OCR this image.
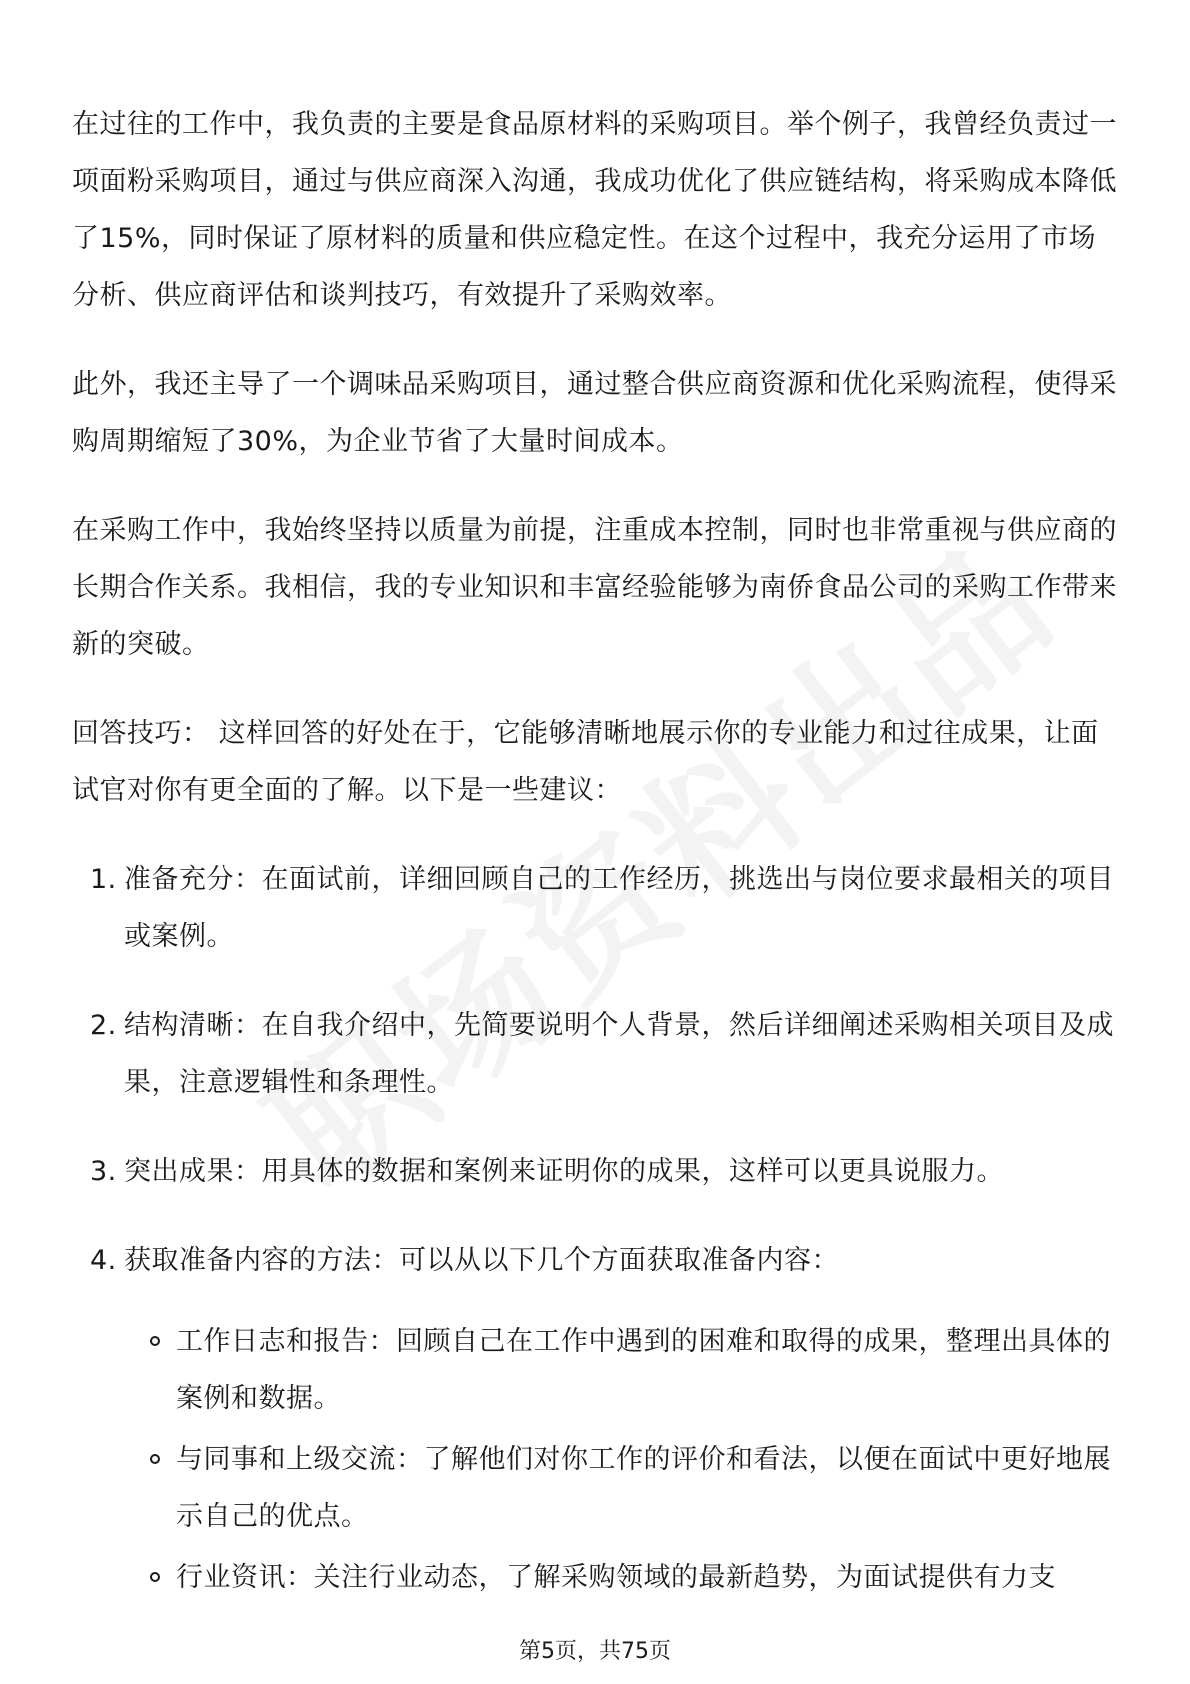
在过往的工作中，我负责的主要是食品原材料的采购项目。举个例子，我曾经负责过一项面粉采购项目，通过与供应商深入沟通，我成功优化了供应链结构，将采购成本降低了15%，同时保证了原材料的质量和供应稳定性。在这个过程中，我充分运用了市场分析、供应商评估和谈判技巧，有效提升了采购效率。

此外，我还主导了一个调味品采购项目，通过整合供应商资源和优化采购流程，使得采购周期缩短了30%，为企业节省了大量时间成本。

在采购工作中，我始终坚持以质量为前提，注重成本控制，同时也非常重视与供应商的长期合作关系。我相信，我的专业知识和丰富经验能够为南侨食品公司的采购工作带来新的突破。

回答技巧： 这样回答的好处在于，它能够清晰地展示你的专业能力和过往成果，让面试官对你有更全面的了解。以下是一些建议：

1. 准备充分：在面试前，详细回顾自己的工作经历，挑选出与岗位要求最相关的项目或案例。
2. 结构清晰：在自我介绍中，先简要说明个人背景，然后详细阐述采购相关项目及成果，注意逻辑性和条理性。
3. 突出成果：用具体的数据和案例来证明你的成果，这样可以更具说服力。
4. 获取准备内容的方法：可以从以下几个方面获取准备内容：
工作日志和报告：回顾自己在工作中遇到的困难和取得的成果，整理出具体的案例和数据。
与同事和上级交流：了解他们对你工作的评价和看法，以便在面试中更好地展示自己的优点。
行业资讯：关注行业动态，了解采购领域的最新趋势，为面试提供有力支
第5页，共75页
